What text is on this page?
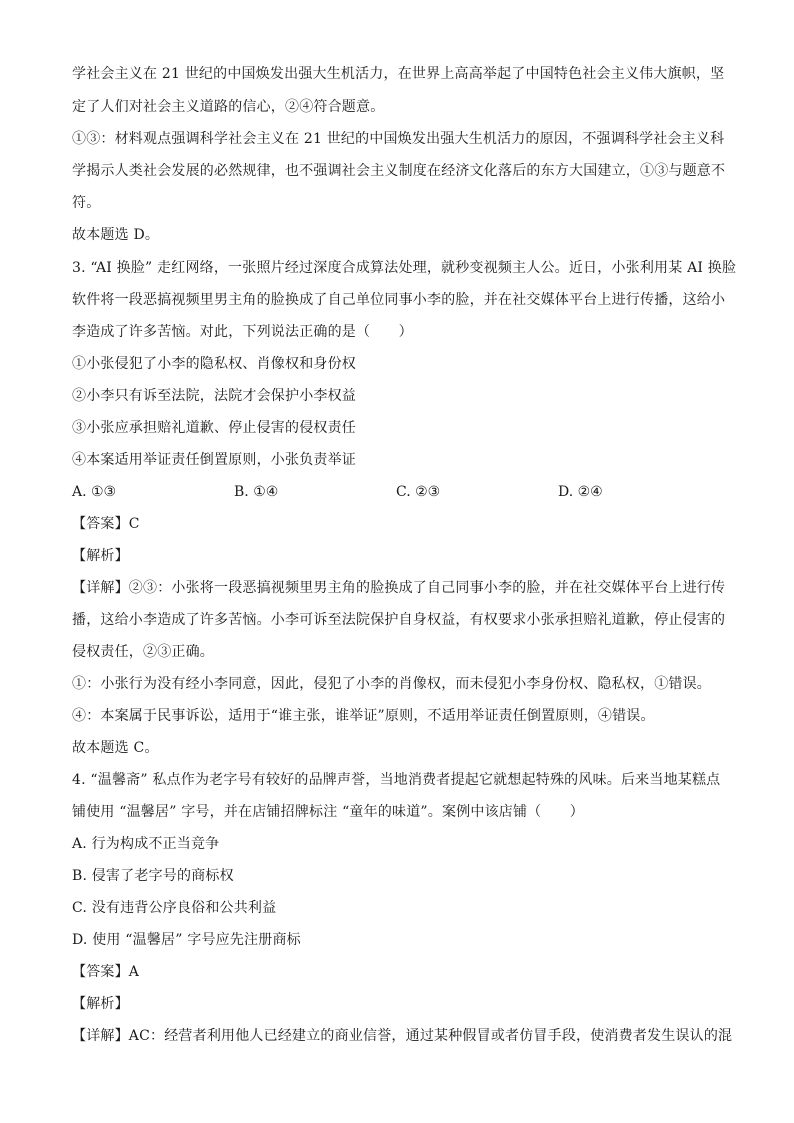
学社会主义在 21 世纪的中国焕发出强大生机活力，在世界上高高举起了中国特色社会主义伟大旗帜，坚
定了人们对社会主义道路的信心，②④符合题意。
①③：材料观点强调科学社会主义在 21 世纪的中国焕发出强大生机活力的原因，不强调科学社会主义科
学揭示人类社会发展的必然规律，也不强调社会主义制度在经济文化落后的东方大国建立，①③与题意不
符。
故本题选 D。
3. “AI 换脸” 走红网络，一张照片经过深度合成算法处理，就秒变视频主人公。近日，小张利用某 AI 换脸
软件将一段恶搞视频里男主角的脸换成了自己单位同事小李的脸，并在社交媒体平台上进行传播，这给小
李造成了许多苦恼。对此，下列说法正确的是（　　）
①小张侵犯了小李的隐私权、肖像权和身份权
②小李只有诉至法院，法院才会保护小李权益
③小张应承担赔礼道歉、停止侵害的侵权责任
④本案适用举证责任倒置原则，小张负责举证
A. ①③	B. ①④	C. ②③	D. ②④
【答案】C
【解析】
【详解】②③：小张将一段恶搞视频里男主角的脸换成了自己同事小李的脸，并在社交媒体平台上进行传
播，这给小李造成了许多苦恼。小李可诉至法院保护自身权益，有权要求小张承担赔礼道歉，停止侵害的
侵权责任，②③正确。
①：小张行为没有经小李同意，因此，侵犯了小李的肖像权，而未侵犯小李身份权、隐私权，①错误。
④：本案属于民事诉讼，适用于“谁主张，谁举证”原则，不适用举证责任倒置原则，④错误。
故本题选 C。
4. “温馨斋” 私点作为老字号有较好的品牌声誉，当地消费者提起它就想起特殊的风味。后来当地某糕点
铺使用 “温馨居” 字号，并在店铺招牌标注 “童年的味道”。案例中该店铺（　　）
A. 行为构成不正当竞争
B. 侵害了老字号的商标权
C. 没有违背公序良俗和公共利益
D. 使用 “温馨居” 字号应先注册商标
【答案】A
【解析】
【详解】AC：经营者利用他人已经建立的商业信誉，通过某种假冒或者仿冒手段，使消费者发生误认的混
